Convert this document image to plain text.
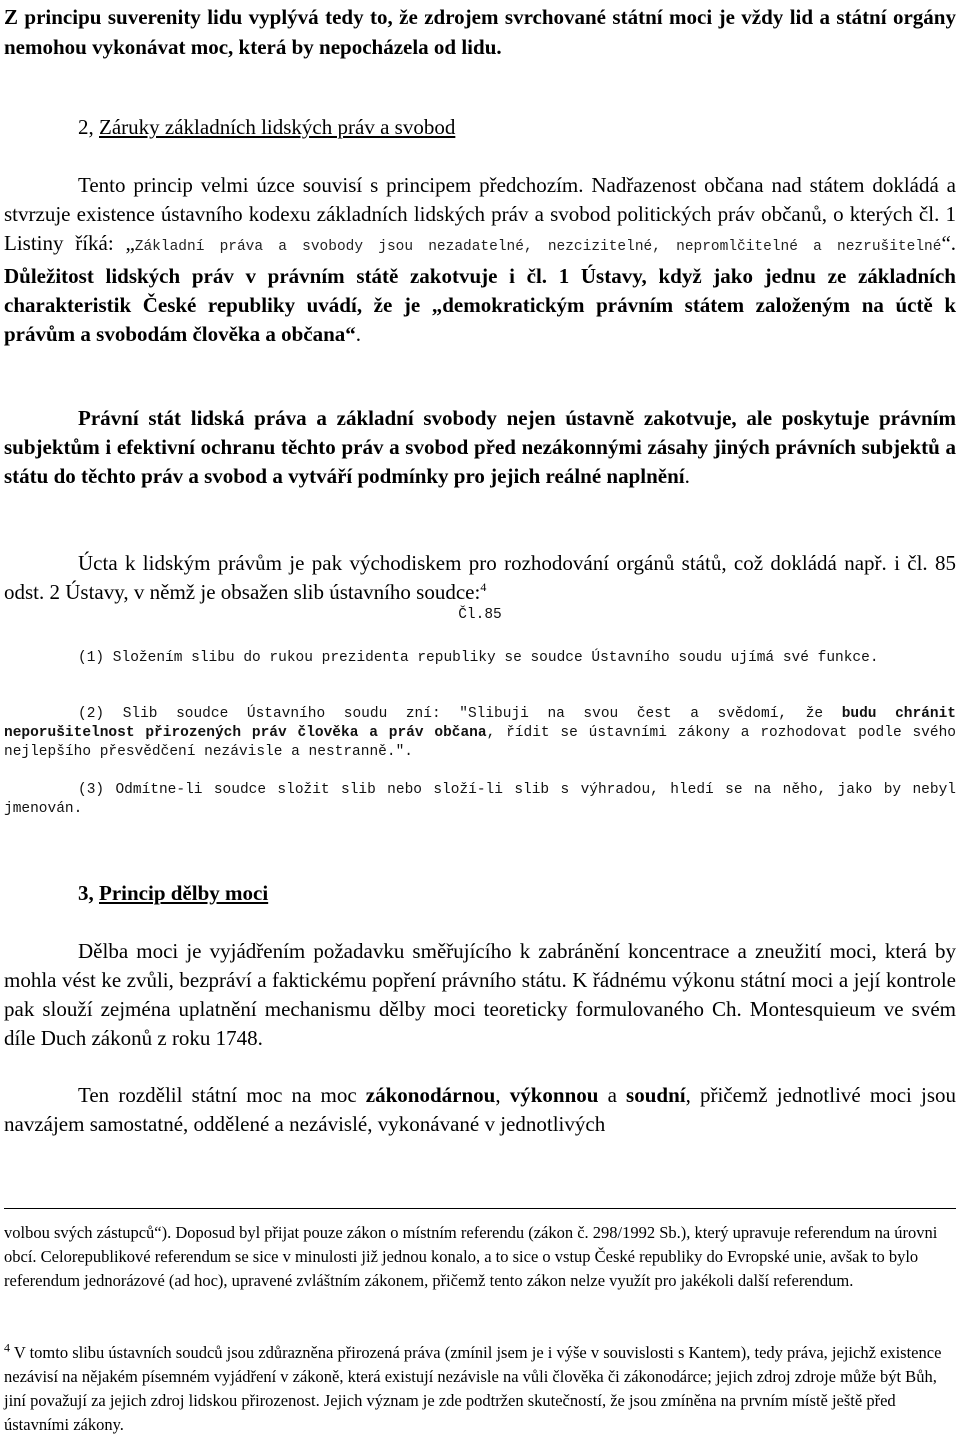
Z principu suverenity lidu vyplývá tedy to, že zdrojem svrchované státní moci je vždy lid a státní orgány nemohou vykonávat moc, která by nepocházela od lidu.

2, Záruky základních lidských práv a svobod

Tento princip velmi úzce souvisí s principem předchozím. Nadřazenost občana nad státem dokládá a stvrzuje existence ústavního kodexu základních lidských práv a svobod politických práv občanů, o kterých čl. 1 Listiny říká: „Základní práva a svobody jsou nezadatelné, nezcizitelné, nepromlčitelné a nezrušitelné“. Důležitost lidských práv v právním státě zakotvuje i čl. 1 Ústavy, když jako jednu ze základních charakteristik České republiky uvádí, že je „demokratickým právním státem založeným na úctě k právům a svobodám člověka a občana“.

Právní stát lidská práva a základní svobody nejen ústavně zakotvuje, ale poskytuje právním subjektům i efektivní ochranu těchto práv a svobod před nezákonnými zásahy jiných právních subjektů a státu do těchto práv a svobod a vytváří podmínky pro jejich reálné naplnění.

Úcta k lidským právům je pak východiskem pro rozhodování orgánů států, což dokládá např. i čl. 85 odst. 2 Ústavy, v němž je obsažen slib ústavního soudce:$^4$

Čl.85

(1) Složením slibu do rukou prezidenta republiky se soudce Ústavního soudu ujímá své funkce.

(2) Slib soudce Ústavního soudu zní: "Slibuji na svou čest a svědomí, že budu chránit neporušitelnost přirozených práv člověka a práv občana, řídit se ústavními zákony a rozhodovat podle svého nejlepšího přesvědčení nezávisle a nestranně.".

(3) Odmítne-li soudce složit slib nebo složí-li slib s výhradou, hledí se na něho, jako by nebyl jmenován.

3, Princip dělby moci

Dělba moci je vyjádřením požadavku směřujícího k zabránění koncentrace a zneužití moci, která by mohla vést ke zvůli, bezpráví a faktickému popření právního státu. K řádnému výkonu státní moci a její kontrole pak slouží zejména uplatnění mechanismu dělby moci teoreticky formulovaného Ch. Montesquieum ve svém díle Duch zákonů z roku 1748.

Ten rozdělil státní moc na moc zákonodárnou, výkonnou a soudní, přičemž jednotlivé moci jsou navzájem samostatné, oddělené a nezávislé, vykonávané v jednotlivých

volbou svých zástupců“). Doposud byl přijat pouze zákon o místním referendu (zákon č. 298/1992 Sb.), který upravuje referendum na úrovni obcí. Celorepublikové referendum se sice v minulosti již jednou konalo, a to sice o vstup České republiky do Evropské unie, avšak to bylo referendum jednorázové (ad hoc), upravené zvláštním zákonem, přičemž tento zákon nelze využít pro jakékoli další referendum.

$^4$ V tomto slibu ústavních soudců jsou zdůrazněna přirozená práva (zmínil jsem je i výše v souvislosti s Kantem), tedy práva, jejichž existence nezávisí na nějakém písemném vyjádření v zákoně, která existují nezávisle na vůli člověka či zákonodárce; jejich zdroj zdroje může být Bůh, jiní považují za jejich zdroj lidskou přirozenost. Jejich význam je zde podtržen skutečností, že jsou zmíněna na prvním místě ještě před ústavními zákony.
